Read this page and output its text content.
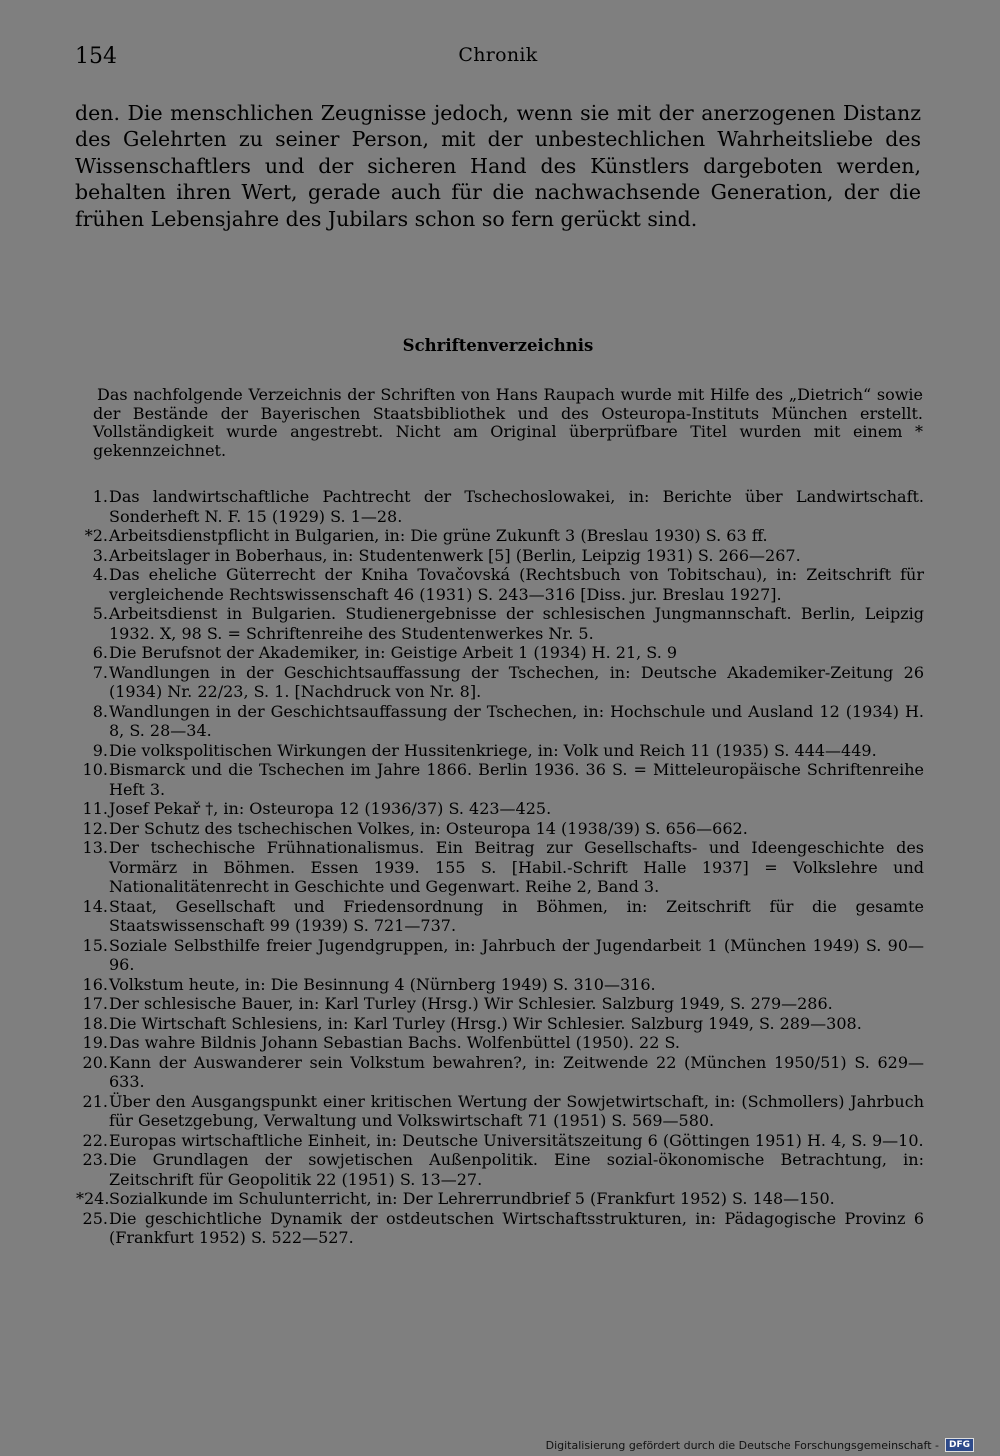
154	Chronik

den. Die menschlichen Zeugnisse jedoch, wenn sie mit der anerzogenen Distanz des Gelehrten zu seiner Person, mit der unbestechlichen Wahrheitsliebe des Wissenschaftlers und der sicheren Hand des Künstlers dargeboten werden, behalten ihren Wert, gerade auch für die nachwachsende Generation, der die frühen Lebensjahre des Jubilars schon so fern gerückt sind.

Schriftenverzeichnis

Das nachfolgende Verzeichnis der Schriften von Hans Raupach wurde mit Hilfe des „Dietrich“ sowie der Bestände der Bayerischen Staatsbibliothek und des Osteuropa-Instituts München erstellt. Vollständigkeit wurde angestrebt. Nicht am Original überprüfbare Titel wurden mit einem * gekennzeichnet.

1. Das landwirtschaftliche Pachtrecht der Tschechoslowakei, in: Berichte über Landwirtschaft. Sonderheft N. F. 15 (1929) S. 1—28.
*2. Arbeitsdienstpflicht in Bulgarien, in: Die grüne Zukunft 3 (Breslau 1930) S. 63 ff.
3. Arbeitslager in Boberhaus, in: Studentenwerk [5] (Berlin, Leipzig 1931) S. 266—267.
4. Das eheliche Güterrecht der Kniha Tovačovská (Rechtsbuch von Tobitschau), in: Zeitschrift für vergleichende Rechtswissenschaft 46 (1931) S. 243—316 [Diss. jur. Breslau 1927].
5. Arbeitsdienst in Bulgarien. Studienergebnisse der schlesischen Jungmannschaft. Berlin, Leipzig 1932. X, 98 S. = Schriftenreihe des Studentenwerkes Nr. 5.
6. Die Berufsnot der Akademiker, in: Geistige Arbeit 1 (1934) H. 21, S. 9
7. Wandlungen in der Geschichtsauffassung der Tschechen, in: Deutsche Akademiker-Zeitung 26 (1934) Nr. 22/23, S. 1. [Nachdruck von Nr. 8].
8. Wandlungen in der Geschichtsauffassung der Tschechen, in: Hochschule und Ausland 12 (1934) H. 8, S. 28—34.
9. Die volkspolitischen Wirkungen der Hussitenkriege, in: Volk und Reich 11 (1935) S. 444—449.
10. Bismarck und die Tschechen im Jahre 1866. Berlin 1936. 36 S. = Mitteleuropäische Schriftenreihe Heft 3.
11. Josef Pekař †, in: Osteuropa 12 (1936/37) S. 423—425.
12. Der Schutz des tschechischen Volkes, in: Osteuropa 14 (1938/39) S. 656—662.
13. Der tschechische Frühnationalismus. Ein Beitrag zur Gesellschafts- und Ideengeschichte des Vormärz in Böhmen. Essen 1939. 155 S. [Habil.-Schrift Halle 1937] = Volkslehre und Nationalitätenrecht in Geschichte und Gegenwart. Reihe 2, Band 3.
14. Staat, Gesellschaft und Friedensordnung in Böhmen, in: Zeitschrift für die gesamte Staatswissenschaft 99 (1939) S. 721—737.
15. Soziale Selbsthilfe freier Jugendgruppen, in: Jahrbuch der Jugendarbeit 1 (München 1949) S. 90—96.
16. Volkstum heute, in: Die Besinnung 4 (Nürnberg 1949) S. 310—316.
17. Der schlesische Bauer, in: Karl Turley (Hrsg.) Wir Schlesier. Salzburg 1949, S. 279—286.
18. Die Wirtschaft Schlesiens, in: Karl Turley (Hrsg.) Wir Schlesier. Salzburg 1949, S. 289—308.
19. Das wahre Bildnis Johann Sebastian Bachs. Wolfenbüttel (1950). 22 S.
20. Kann der Auswanderer sein Volkstum bewahren?, in: Zeitwende 22 (München 1950/51) S. 629—633.
21. Über den Ausgangspunkt einer kritischen Wertung der Sowjetwirtschaft, in: (Schmollers) Jahrbuch für Gesetzgebung, Verwaltung und Volkswirtschaft 71 (1951) S. 569—580.
22. Europas wirtschaftliche Einheit, in: Deutsche Universitätszeitung 6 (Göttingen 1951) H. 4, S. 9—10.
23. Die Grundlagen der sowjetischen Außenpolitik. Eine sozial-ökonomische Betrachtung, in: Zeitschrift für Geopolitik 22 (1951) S. 13—27.
*24. Sozialkunde im Schulunterricht, in: Der Lehrerrundbrief 5 (Frankfurt 1952) S. 148—150.
25. Die geschichtliche Dynamik der ostdeutschen Wirtschaftsstrukturen, in: Pädagogische Provinz 6 (Frankfurt 1952) S. 522—527.
Digitalisierung gefördert durch die Deutsche Forschungsgemeinschaft -	DFG
